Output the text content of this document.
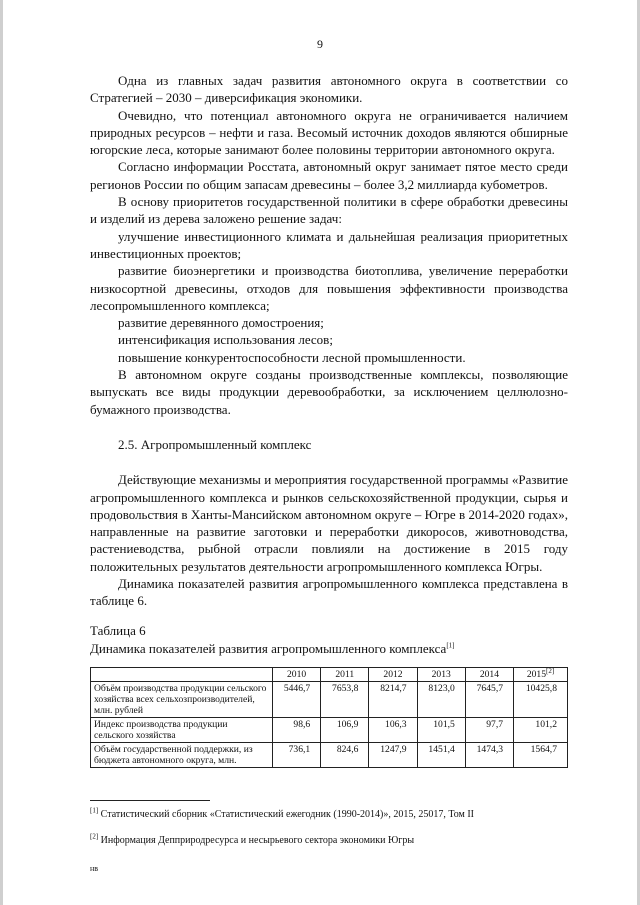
9

Одна из главных задач развития автономного округа в соответствии со Стратегией – 2030 – диверсификация экономики.

Очевидно, что потенциал автономного округа не ограничивается наличием природных ресурсов – нефти и газа. Весомый источник доходов являются обширные югорские леса, которые занимают более половины территории автономного округа.

Согласно информации Росстата, автономный округ занимает пятое место среди регионов России по общим запасам древесины – более 3,2 миллиарда кубометров.

В основу приоритетов государственной политики в сфере обработки древесины и изделий из дерева заложено решение задач:

улучшение инвестиционного климата и дальнейшая реализация приоритетных инвестиционных проектов;

развитие биоэнергетики и производства биотоплива, увеличение переработки низкосортной древесины, отходов для повышения эффективности производства лесопромышленного комплекса;

развитие деревянного домостроения;

интенсификация использования лесов;

повышение конкурентоспособности лесной промышленности.

В автономном округе созданы производственные комплексы, позволяющие выпускать все виды продукции деревообработки, за исключением целлюлозно-бумажного производства.

2.5. Агропромышленный комплекс

Действующие механизмы и мероприятия государственной программы «Развитие агропромышленного комплекса и рынков сельскохозяйственной продукции, сырья и продовольствия в Ханты-Мансийском автономном округе – Югре в 2014-2020 годах», направленные на развитие заготовки и переработки дикоросов, животноводства, растениеводства, рыбной отрасли повлияли на достижение в 2015 году положительных результатов деятельности агропромышленного комплекса Югры.

Динамика показателей развития агропромышленного комплекса представлена в таблице 6.

Таблица 6

Динамика показателей развития агропромышленного комплекса[1]

	2010	2011	2012	2013	2014	2015[2]
Объём производства продукции сельского хозяйства всех сельхозпроизводителей, млн. рублей	5446,7	7653,8	8214,7	8123,0	7645,7	10425,8
Индекс производства продукции сельского хозяйства	98,6	106,9	106,3	101,5	97,7	101,2
Объём государственной поддержки, из бюджета автономного округа, млн.	736,1	824,6	1247,9	1451,4	1474,3	1564,7
[1] Статистический сборник «Статистический ежегодник (1990-2014)», 2015, 25017, Том II
[2] Информация Депприродресурса и несырьевого сектора экономики Югры
нв
